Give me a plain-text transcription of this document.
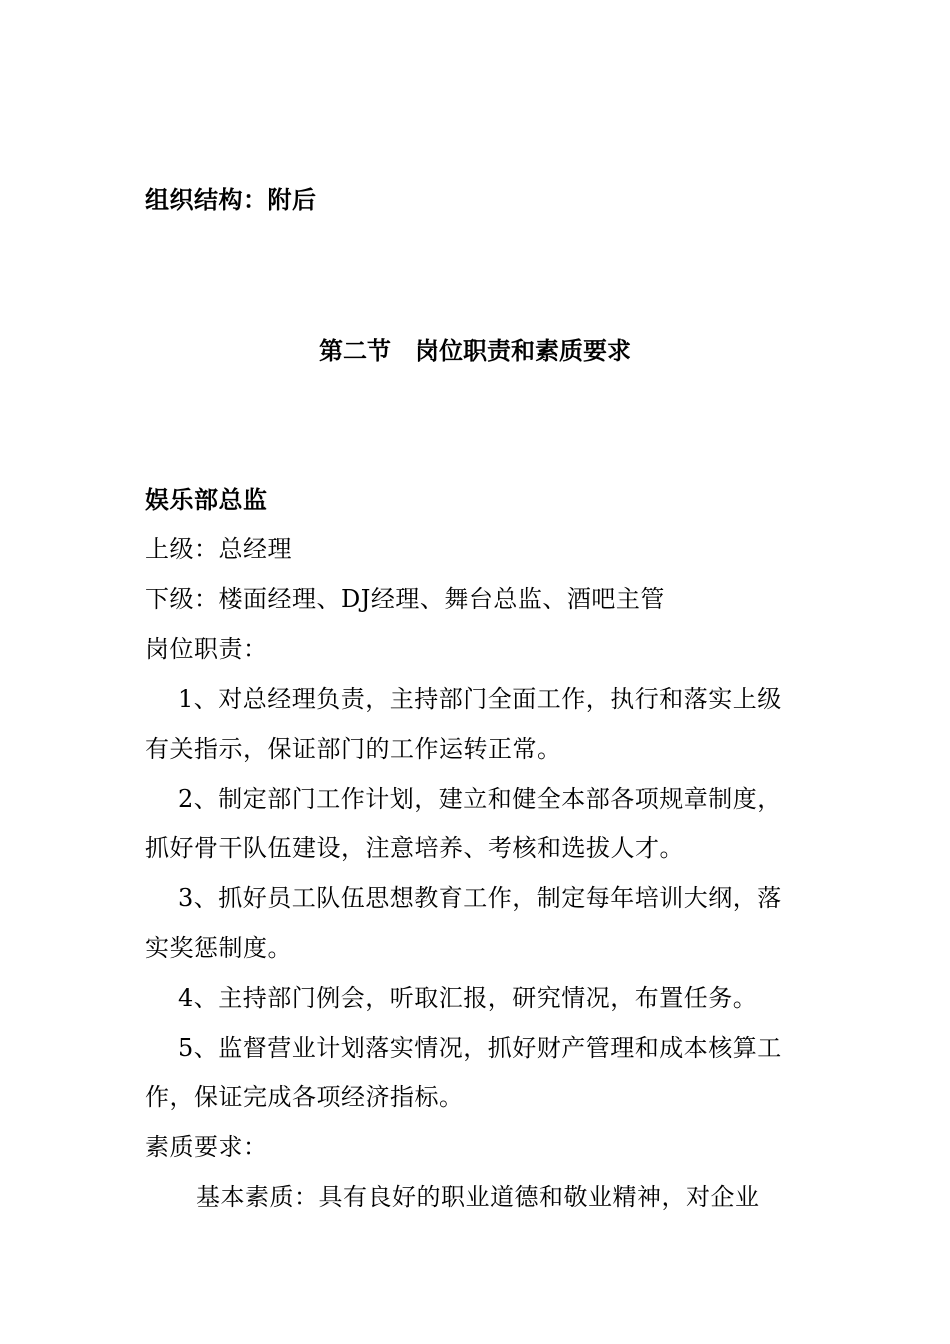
组织结构：附后
第二节　岗位职责和素质要求
娱乐部总监
上级：总经理
下级：楼面经理、DJ经理、舞台总监、酒吧主管
岗位职责：
1、对总经理负责，主持部门全面工作，执行和落实上级
有关指示，保证部门的工作运转正常。
2、制定部门工作计划，建立和健全本部各项规章制度，
抓好骨干队伍建设，注意培养、考核和选拔人才。
3、抓好员工队伍思想教育工作，制定每年培训大纲，落
实奖惩制度。
4、主持部门例会，听取汇报，研究情况，布置任务。
5、监督营业计划落实情况，抓好财产管理和成本核算工
作，保证完成各项经济指标。
素质要求：
基本素质：具有良好的职业道德和敬业精神，对企业
